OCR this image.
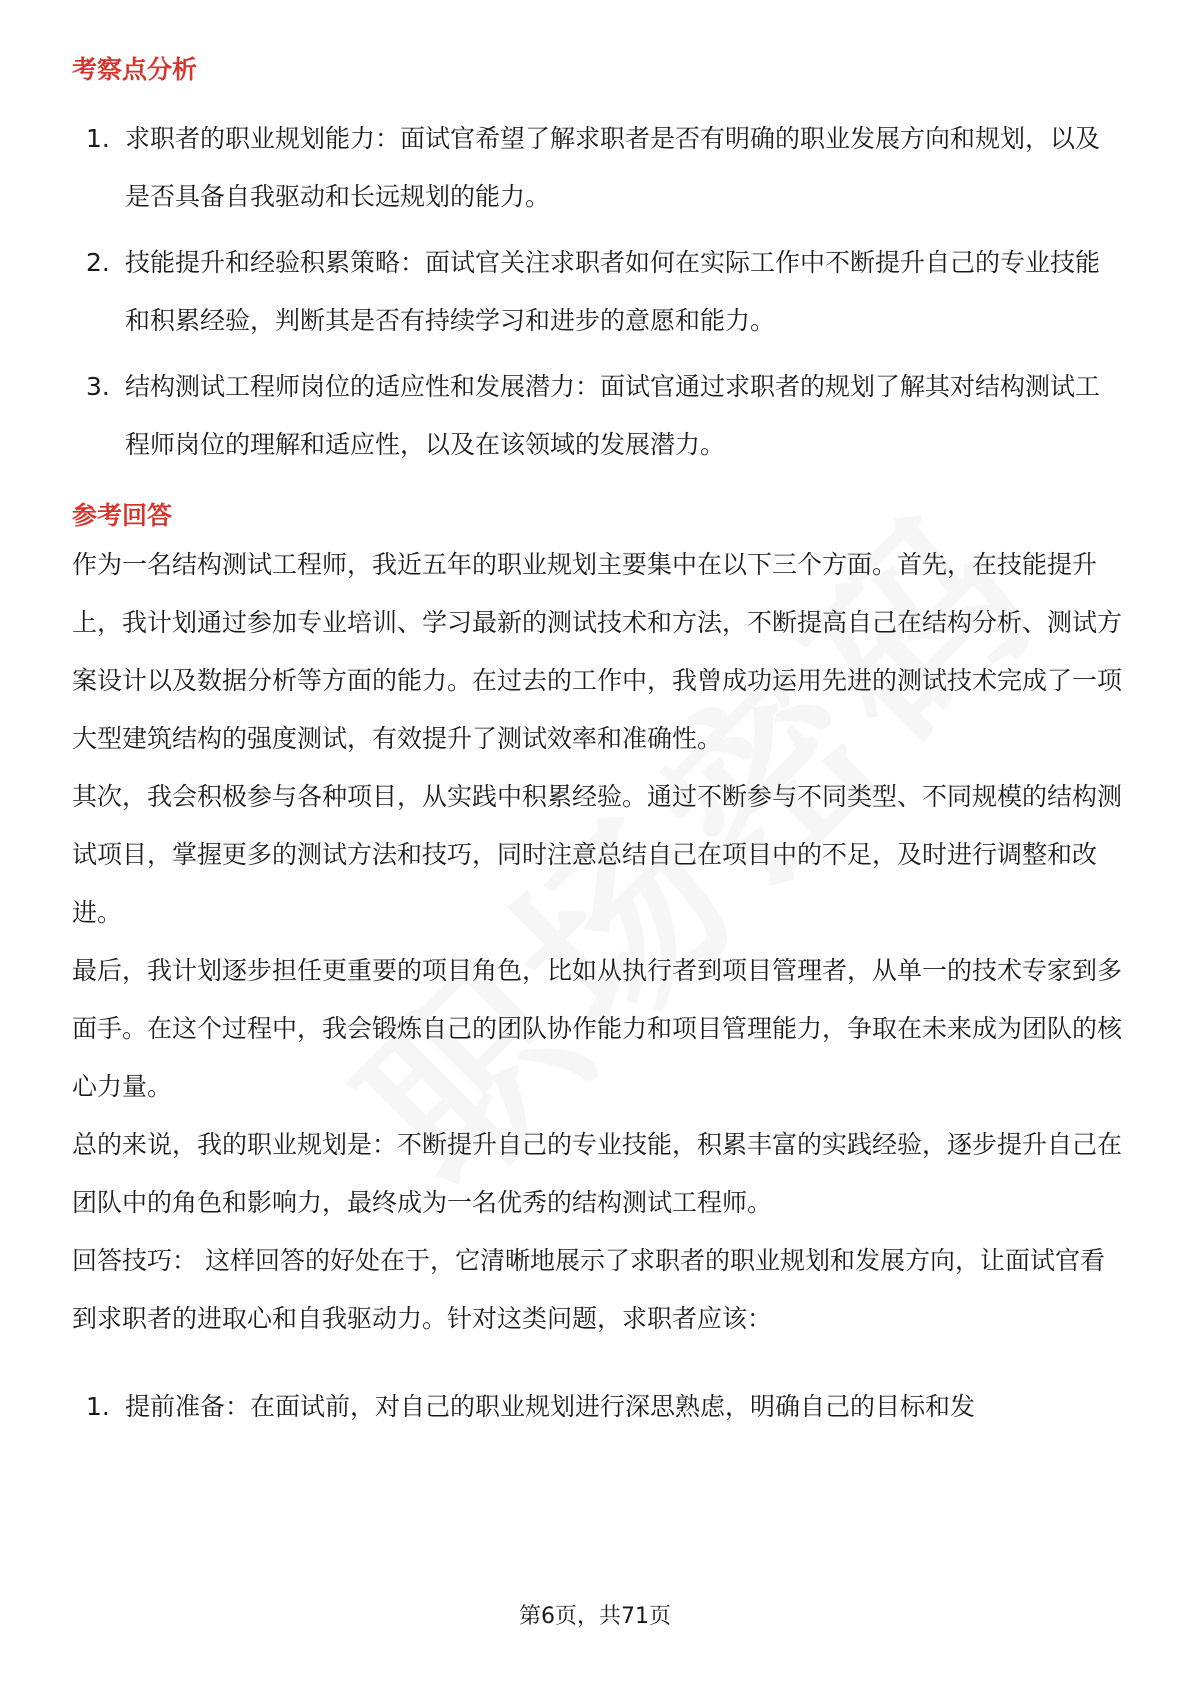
考察点分析
1. 求职者的职业规划能力：面试官希望了解求职者是否有明确的职业发展方向和规划，以及是否具备自我驱动和长远规划的能力。
2. 技能提升和经验积累策略：面试官关注求职者如何在实际工作中不断提升自己的专业技能和积累经验，判断其是否有持续学习和进步的意愿和能力。
3. 结构测试工程师岗位的适应性和发展潜力：面试官通过求职者的规划了解其对结构测试工程师岗位的理解和适应性，以及在该领域的发展潜力。
参考回答

作为一名结构测试工程师，我近五年的职业规划主要集中在以下三个方面。首先，在技能提升上，我计划通过参加专业培训、学习最新的测试技术和方法，不断提高自己在结构分析、测试方案设计以及数据分析等方面的能力。在过去的工作中，我曾成功运用先进的测试技术完成了一项大型建筑结构的强度测试，有效提升了测试效率和准确性。

其次，我会积极参与各种项目，从实践中积累经验。通过不断参与不同类型、不同规模的结构测试项目，掌握更多的测试方法和技巧，同时注意总结自己在项目中的不足，及时进行调整和改进。

最后，我计划逐步担任更重要的项目角色，比如从执行者到项目管理者，从单一的技术专家到多面手。在这个过程中，我会锻炼自己的团队协作能力和项目管理能力，争取在未来成为团队的核心力量。

总的来说，我的职业规划是：不断提升自己的专业技能，积累丰富的实践经验，逐步提升自己在团队中的角色和影响力，最终成为一名优秀的结构测试工程师。

回答技巧： 这样回答的好处在于，它清晰地展示了求职者的职业规划和发展方向，让面试官看到求职者的进取心和自我驱动力。针对这类问题，求职者应该：

1. 提前准备：在面试前，对自己的职业规划进行深思熟虑，明确自己的目标和发
第6页，共71页
